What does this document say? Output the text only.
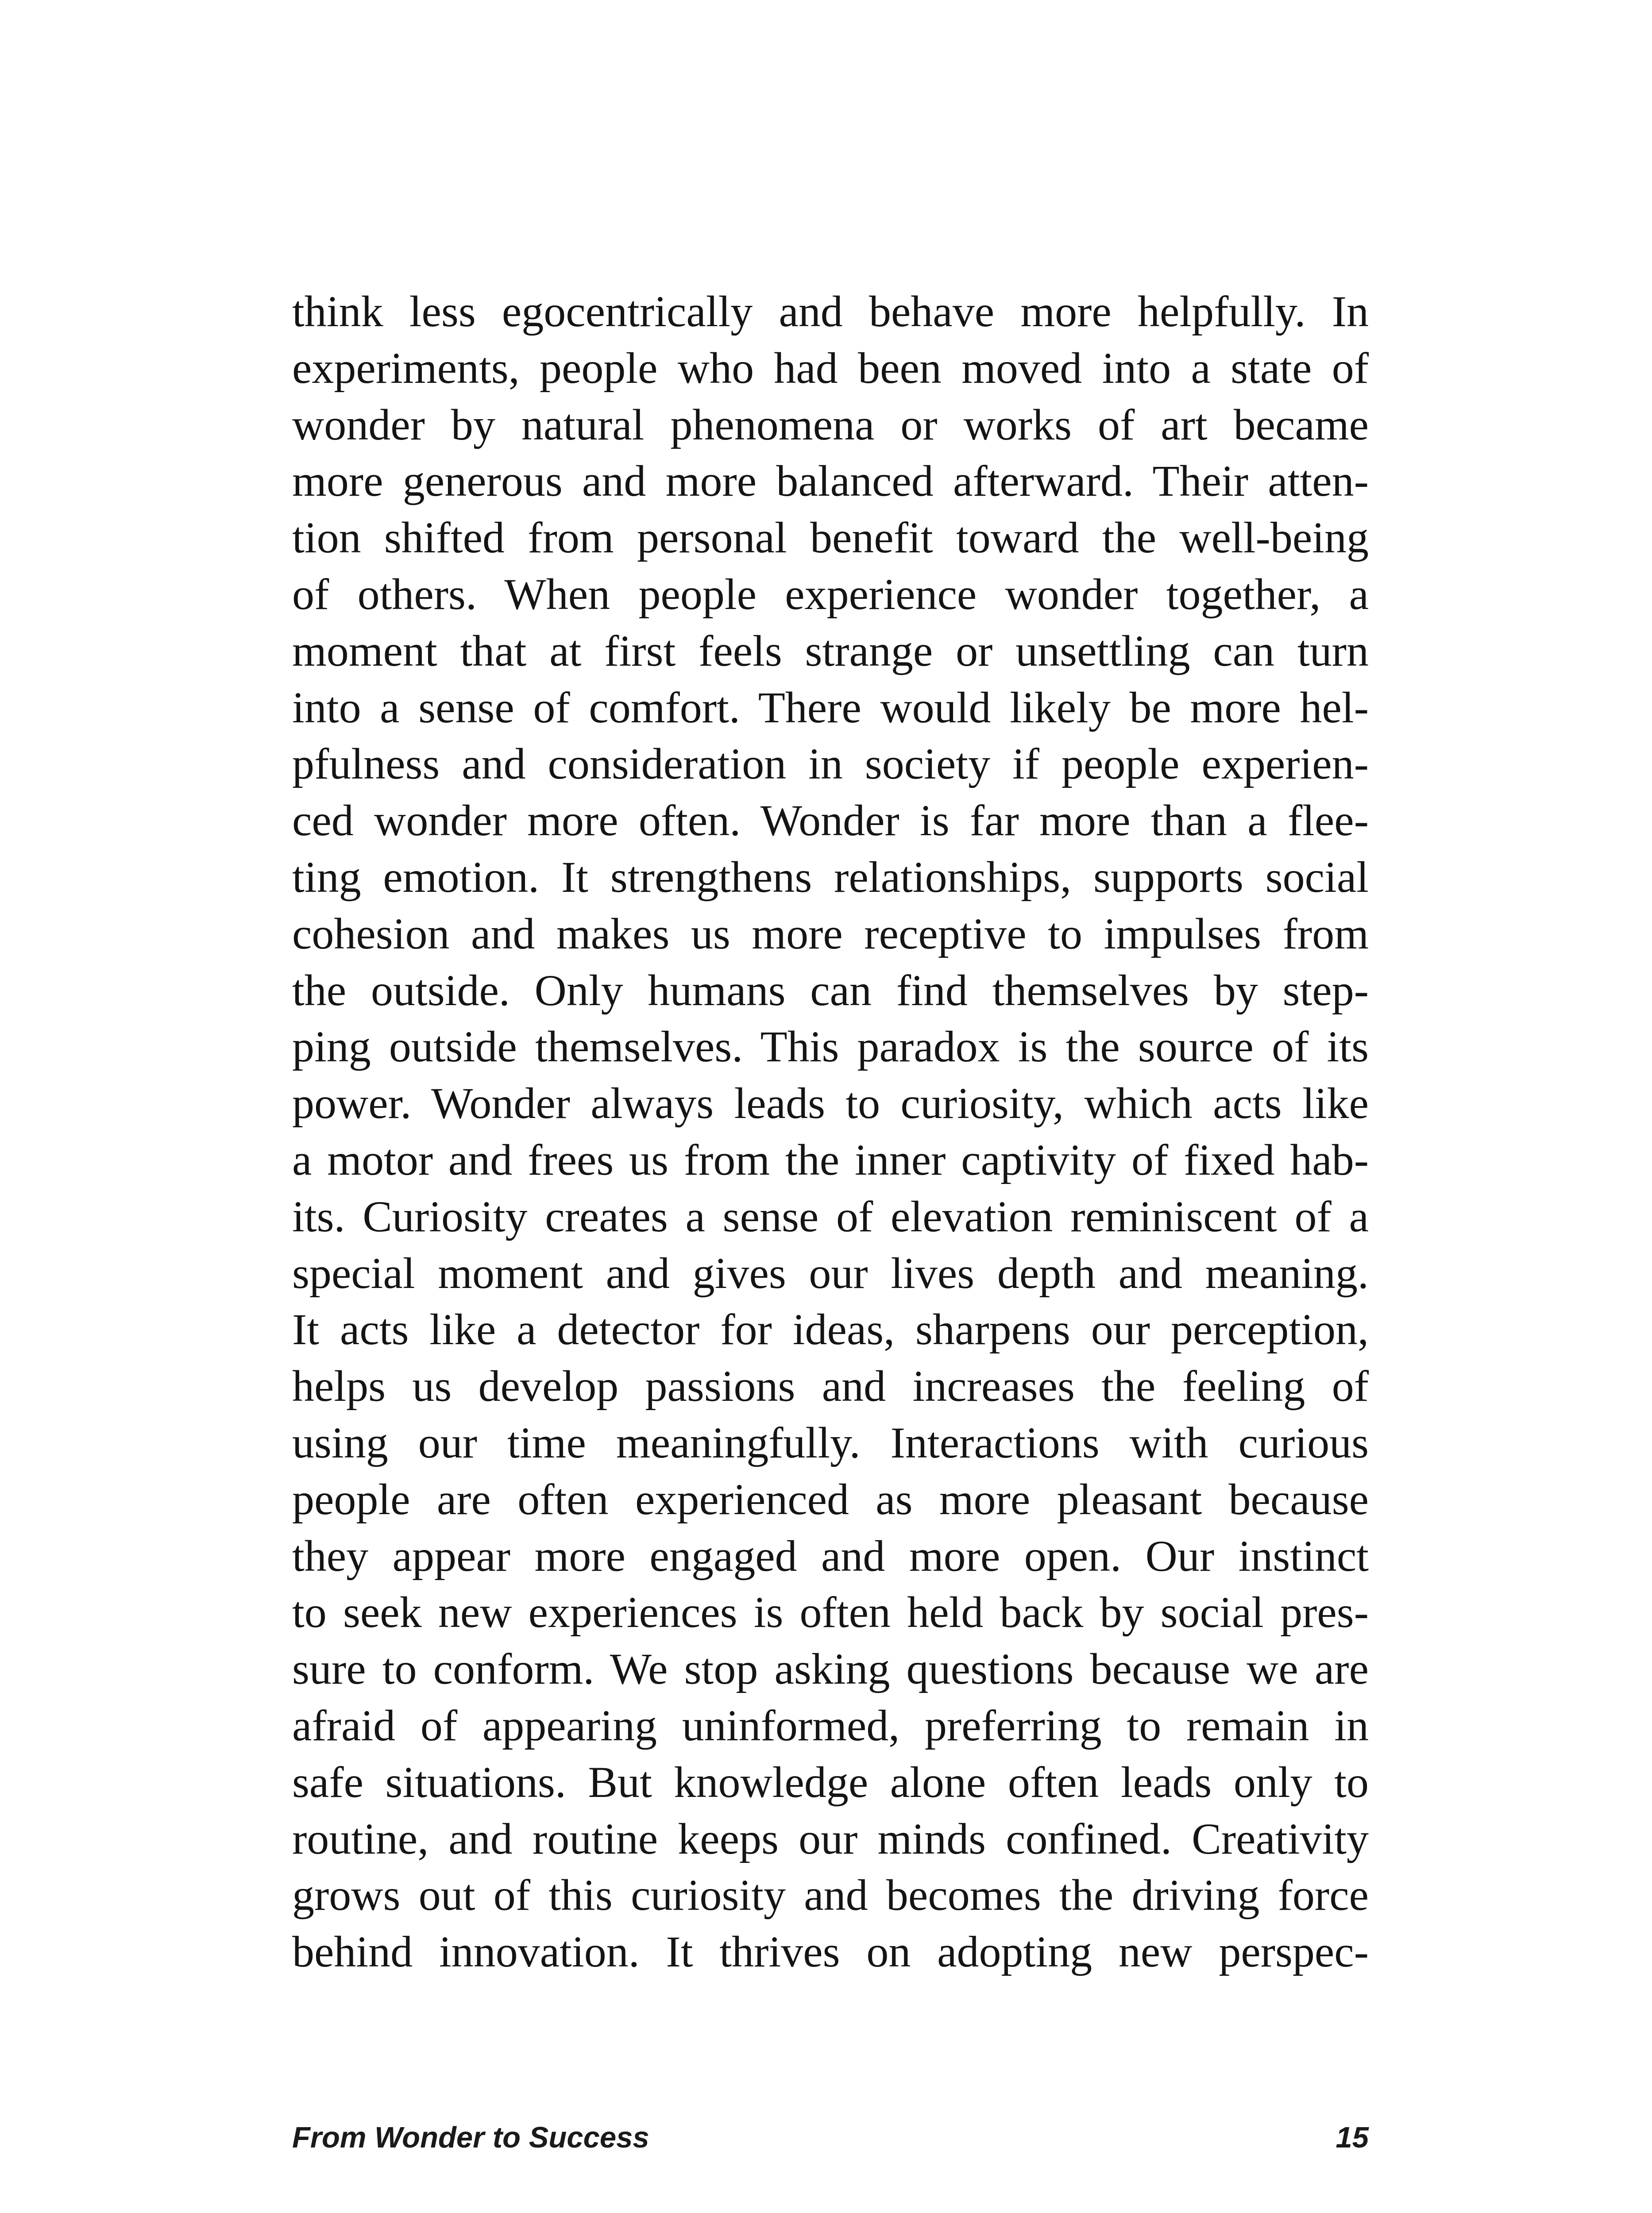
think less egocentrically and behave more helpfully. In
experiments, people who had been moved into a state of
wonder by natural phenomena or works of art became
more generous and more balanced afterward. Their atten-
tion shifted from personal benefit toward the well-being
of others. When people experience wonder together, a
moment that at first feels strange or unsettling can turn
into a sense of comfort. There would likely be more hel-
pfulness and consideration in society if people experien-
ced wonder more often. Wonder is far more than a flee-
ting emotion. It strengthens relationships, supports social
cohesion and makes us more receptive to impulses from
the outside. Only humans can find themselves by step-
ping outside themselves. This paradox is the source of its
power. Wonder always leads to curiosity, which acts like
a motor and frees us from the inner captivity of fixed hab-
its. Curiosity creates a sense of elevation reminiscent of a
special moment and gives our lives depth and meaning.
It acts like a detector for ideas, sharpens our perception,
helps us develop passions and increases the feeling of
using our time meaningfully. Interactions with curious
people are often experienced as more pleasant because
they appear more engaged and more open. Our instinct
to seek new experiences is often held back by social pres-
sure to conform. We stop asking questions because we are
afraid of appearing uninformed, preferring to remain in
safe situations. But knowledge alone often leads only to
routine, and routine keeps our minds confined. Creativity
grows out of this curiosity and becomes the driving force
behind innovation. It thrives on adopting new perspec-
From Wonder to Success	15
